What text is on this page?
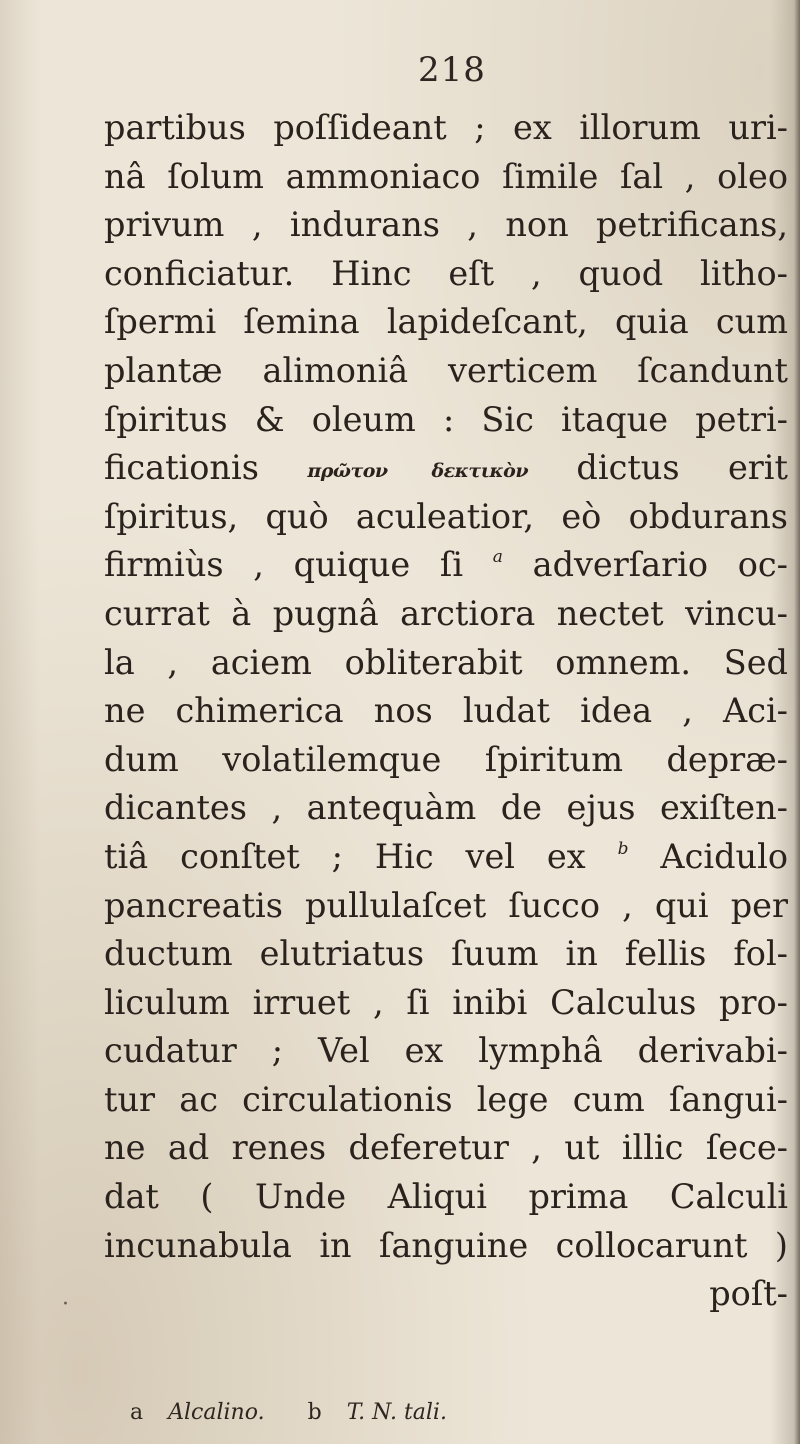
218
partibus poſſideant ; ex illorum uri-
nâ ſolum ammoniaco ſimile ſal , oleo
privum , indurans , non petrificans,
conficiatur. Hinc eſt , quod litho-
ſpermi ſemina lapideſcant, quia cum
plantæ alimoniâ verticem ſcandunt
ſpiritus & oleum : Sic itaque petri-
ficationis πρῶτον δεκτικὸν dictus erit
ſpiritus, quò aculeatior, eò obdurans
firmiùs , quique ſi $^a$ adverſario oc-
currat à pugnâ arctiora nectet vincu-
la , aciem obliterabit omnem. Sed
ne chimerica nos ludat idea , Aci-
dum volatilemque ſpiritum depræ-
dicantes , antequàm de ejus exiſten-
tiâ conſtet ; Hic vel ex $^b$ Acidulo
pancreatis pullulaſcet ſucco , qui per
ductum elutriatus ſuum in fellis fol-
liculum irruet , ſi inibi Calculus pro-
cudatur ; Vel ex lymphâ derivabi-
tur ac circulationis lege cum ſangui-
ne ad renes deferetur , ut illic ſece-
dat ( Unde Aliqui prima Calculi
incunabula in ſanguine collocarunt )
poſt-
·
a Alcalino. b T. N. tali.
